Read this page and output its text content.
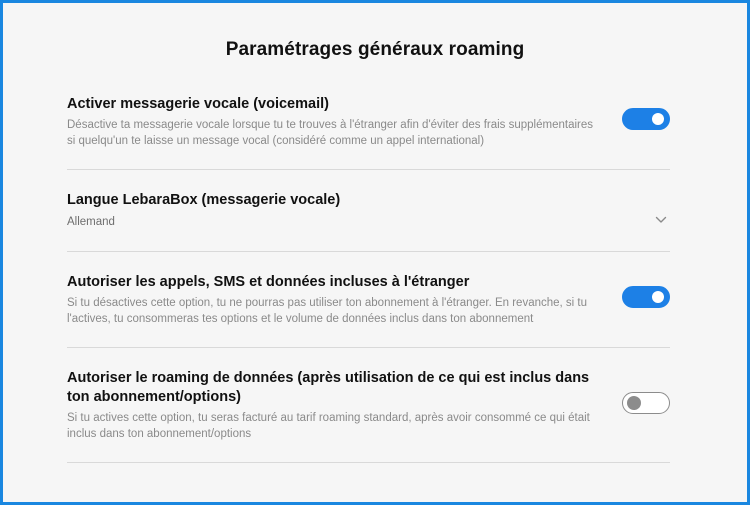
Paramétrages généraux roaming
Activer messagerie vocale (voicemail)
Désactive ta messagerie vocale lorsque tu te trouves à l'étranger afin d'éviter des frais supplémentaires si quelqu'un te laisse un message vocal (considéré comme un appel international)
Langue LebaraBox (messagerie vocale)
Allemand
Autoriser les appels, SMS et données incluses à l'étranger
Si tu désactives cette option, tu ne pourras pas utiliser ton abonnement à l'étranger. En revanche, si tu l'actives, tu consommeras tes options et le volume de données inclus dans ton abonnement
Autoriser le roaming de données (après utilisation de ce qui est inclus dans ton abonnement/options)
Si tu actives cette option, tu seras facturé au tarif roaming standard, après avoir consommé ce qui était inclus dans ton abonnement/options
